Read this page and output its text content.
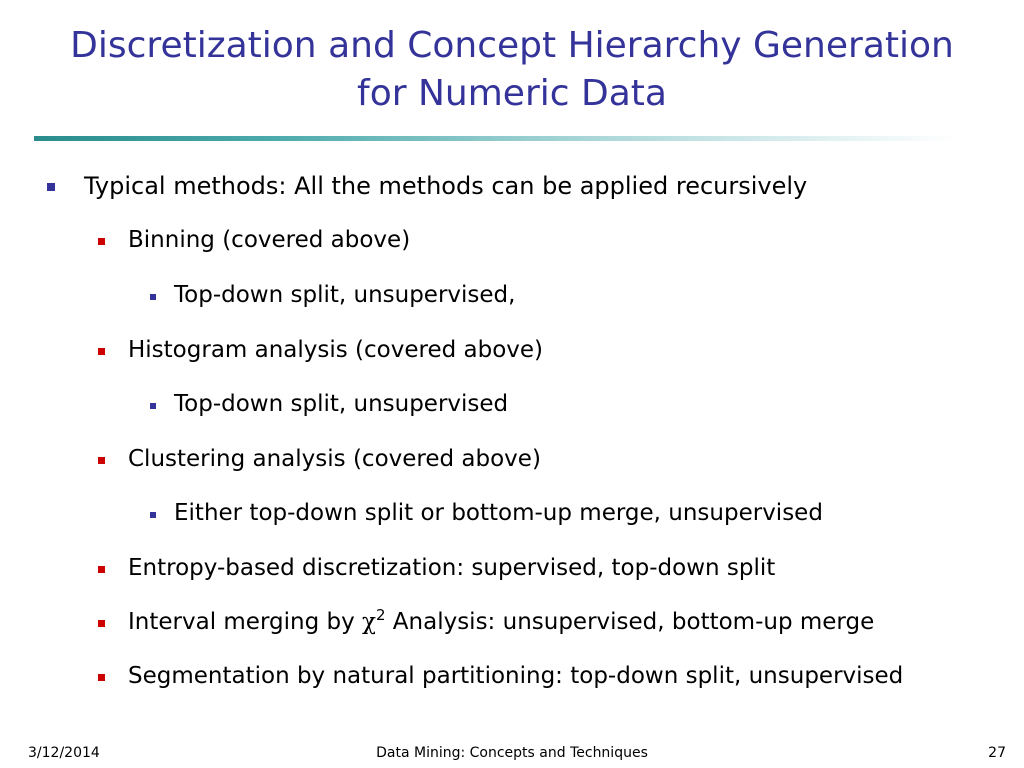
Discretization and Concept Hierarchy Generation
for Numeric Data
Typical methods: All the methods can be applied recursively
Binning (covered above)
Top-down split, unsupervised,
Histogram analysis (covered above)
Top-down split, unsupervised
Clustering analysis (covered above)
Either top-down split or bottom-up merge, unsupervised
Entropy-based discretization: supervised, top-down split
Interval merging by $\chi^2$ Analysis: unsupervised, bottom-up merge
Segmentation by natural partitioning: top-down split, unsupervised
3/12/2014	Data Mining: Concepts and Techniques	27
